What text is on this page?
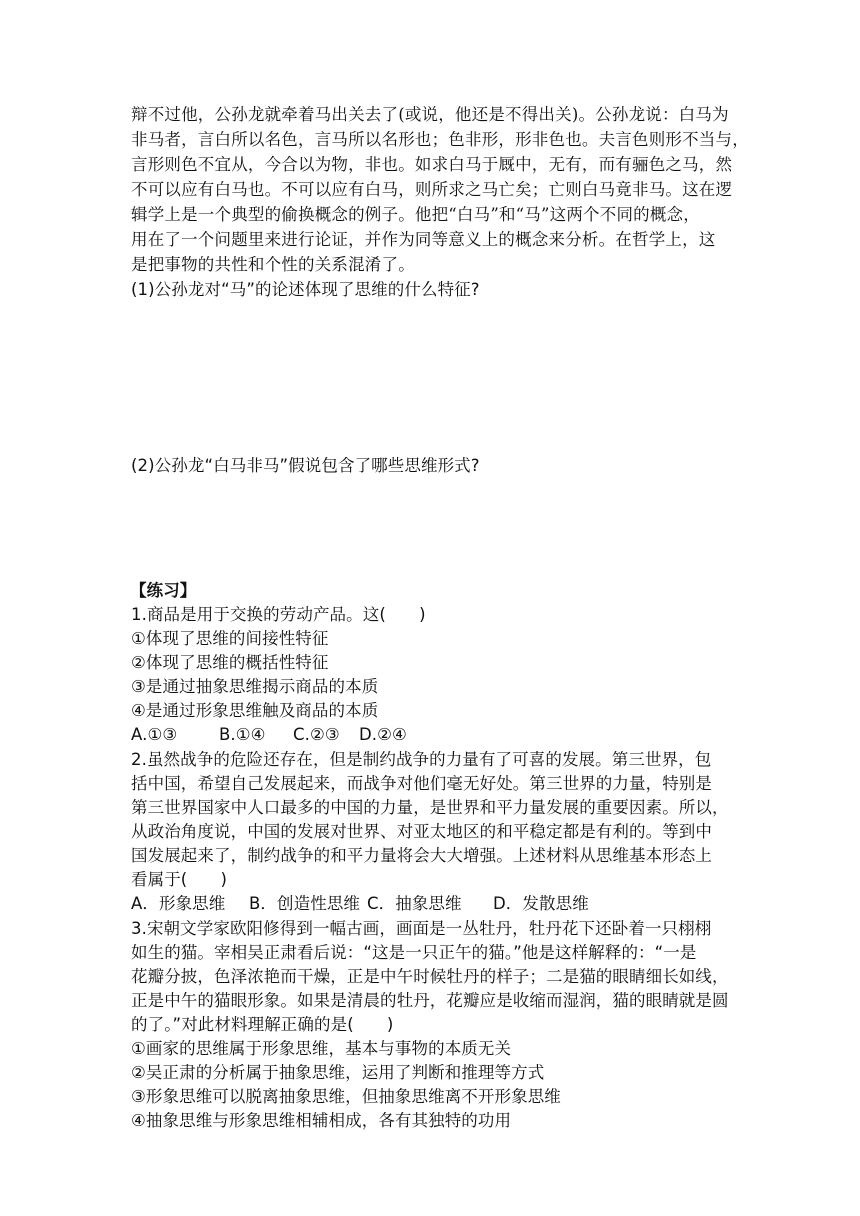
辩不过他，公孙龙就牵着马出关去了(或说，他还是不得出关)。公孙龙说：白马为
非马者，言白所以名色，言马所以名形也；色非形，形非色也。夫言色则形不当与，
言形则色不宜从，今合以为物，非也。如求白马于厩中，无有，而有骊色之马，然
不可以应有白马也。不可以应有白马，则所求之马亡矣；亡则白马竟非马。这在逻
辑学上是一个典型的偷换概念的例子。他把“白马”和“马”这两个不同的概念，
用在了一个问题里来进行论证，并作为同等意义上的概念来分析。在哲学上，这
是把事物的共性和个性的关系混淆了。
(1)公孙龙对“马”的论述体现了思维的什么特征?
(2)公孙龙“白马非马”假说包含了哪些思维形式?
【练习】
1.商品是用于交换的劳动产品。这(　　)
①体现了思维的间接性特征
②体现了思维的概括性特征
③是通过抽象思维揭示商品的本质
④是通过形象思维触及商品的本质
A.①③	B.①④ C.②③ D.②④
2.虽然战争的危险还存在，但是制约战争的力量有了可喜的发展。第三世界，包
括中国，希望自己发展起来，而战争对他们毫无好处。第三世界的力量，特别是
第三世界国家中人口最多的中国的力量，是世界和平力量发展的重要因素。所以，
从政治角度说，中国的发展对世界、对亚太地区的和平稳定都是有利的。等到中
国发展起来了，制约战争的和平力量将会大大增强。上述材料从思维基本形态上
看属于(　　)
A．形象思维 B．创造性思维 C．抽象思维 D．发散思维
3.宋朝文学家欧阳修得到一幅古画，画面是一丛牡丹，牡丹花下还卧着一只栩栩
如生的猫。宰相吴正肃看后说：“这是一只正午的猫。”他是这样解释的：“一是
花瓣分披，色泽浓艳而干燥，正是中午时候牡丹的样子；二是猫的眼睛细长如线，
正是中午的猫眼形象。如果是清晨的牡丹，花瓣应是收缩而湿润，猫的眼睛就是圆
的了。”对此材料理解正确的是(　　)
①画家的思维属于形象思维，基本与事物的本质无关
②吴正肃的分析属于抽象思维，运用了判断和推理等方式
③形象思维可以脱离抽象思维，但抽象思维离不开形象思维
④抽象思维与形象思维相辅相成，各有其独特的功用
